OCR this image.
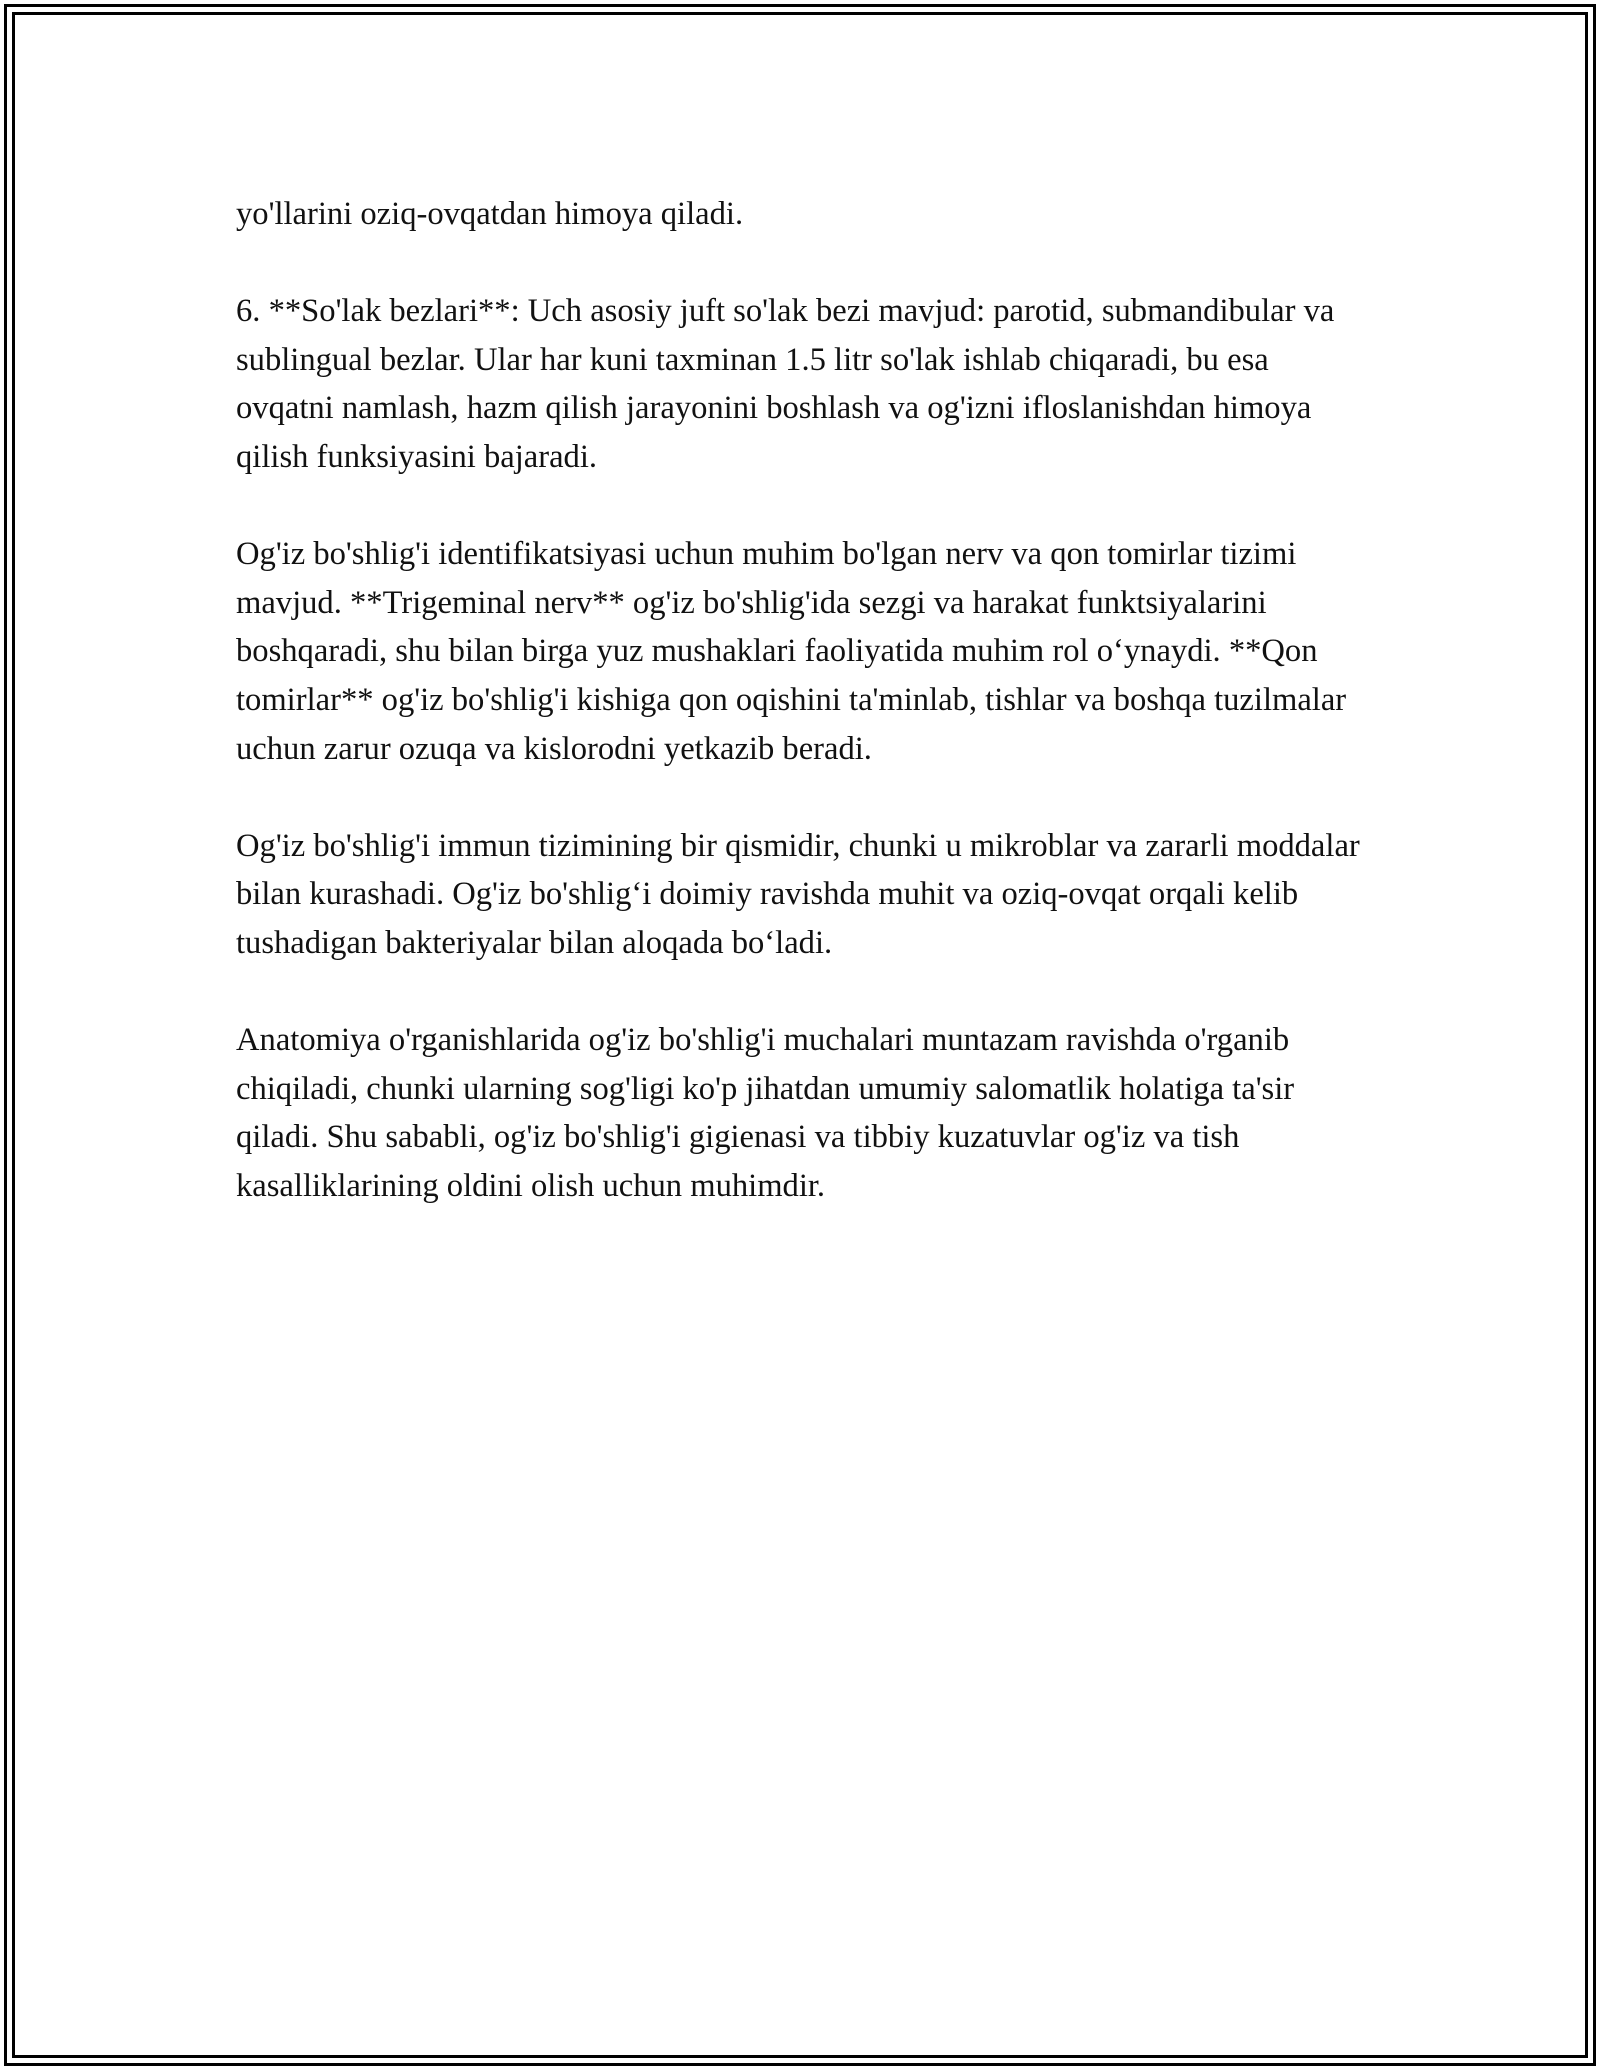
yo'llarini oziq-ovqatdan himoya qiladi.

6. **So'lak bezlari**: Uch asosiy juft so'lak bezi mavjud: parotid, submandibular va sublingual bezlar. Ular har kuni taxminan 1.5 litr so'lak ishlab chiqaradi, bu esa ovqatni namlash, hazm qilish jarayonini boshlash va og'izni ifloslanishdan himoya qilish funksiyasini bajaradi.

Og'iz bo'shlig'i identifikatsiyasi uchun muhim bo'lgan nerv va qon tomirlar tizimi mavjud. **Trigeminal nerv** og'iz bo'shlig'ida sezgi va harakat funktsiyalarini boshqaradi, shu bilan birga yuz mushaklari faoliyatida muhim rol o‘ynaydi. **Qon tomirlar** og'iz bo'shlig'i kishiga qon oqishini ta'minlab, tishlar va boshqa tuzilmalar uchun zarur ozuqa va kislorodni yetkazib beradi.

Og'iz bo'shlig'i immun tizimining bir qismidir, chunki u mikroblar va zararli moddalar bilan kurashadi. Og'iz bo'shlig‘i doimiy ravishda muhit va oziq-ovqat orqali kelib tushadigan bakteriyalar bilan aloqada bo‘ladi.

Anatomiya o'rganishlarida og'iz bo'shlig'i muchalari muntazam ravishda o'rganib chiqiladi, chunki ularning sog'ligi ko'p jihatdan umumiy salomatlik holatiga ta'sir qiladi. Shu sababli, og'iz bo'shlig'i gigienasi va tibbiy kuzatuvlar og'iz va tish kasalliklarining oldini olish uchun muhimdir.
